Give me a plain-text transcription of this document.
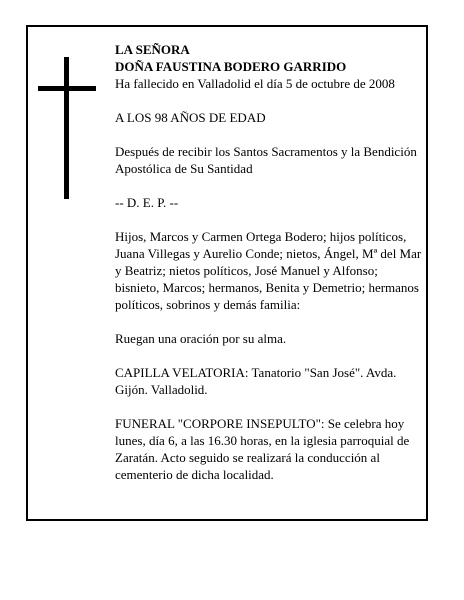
LA SEÑORA

DOÑA FAUSTINA BODERO GARRIDO

Ha fallecido en Valladolid el día 5 de octubre de 2008

A LOS 98 AÑOS DE EDAD

Después de recibir los Santos Sacramentos y la Bendición Apostólica de Su Santidad

-- D. E. P. --

Hijos, Marcos y Carmen Ortega Bodero; hijos políticos, Juana Villegas y Aurelio Conde; nietos, Ángel, Mª del Mar y Beatriz; nietos políticos, José Manuel y Alfonso; bisnieto, Marcos; hermanos, Benita y Demetrio; hermanos políticos, sobrinos y demás familia:

Ruegan una oración por su alma.

CAPILLA VELATORIA: Tanatorio "San José". Avda. Gijón. Valladolid.

FUNERAL "CORPORE INSEPULTO": Se celebra hoy lunes, día 6, a las 16.30 horas, en la iglesia parroquial de Zaratán. Acto seguido se realizará la conducción al cementerio de dicha localidad.
